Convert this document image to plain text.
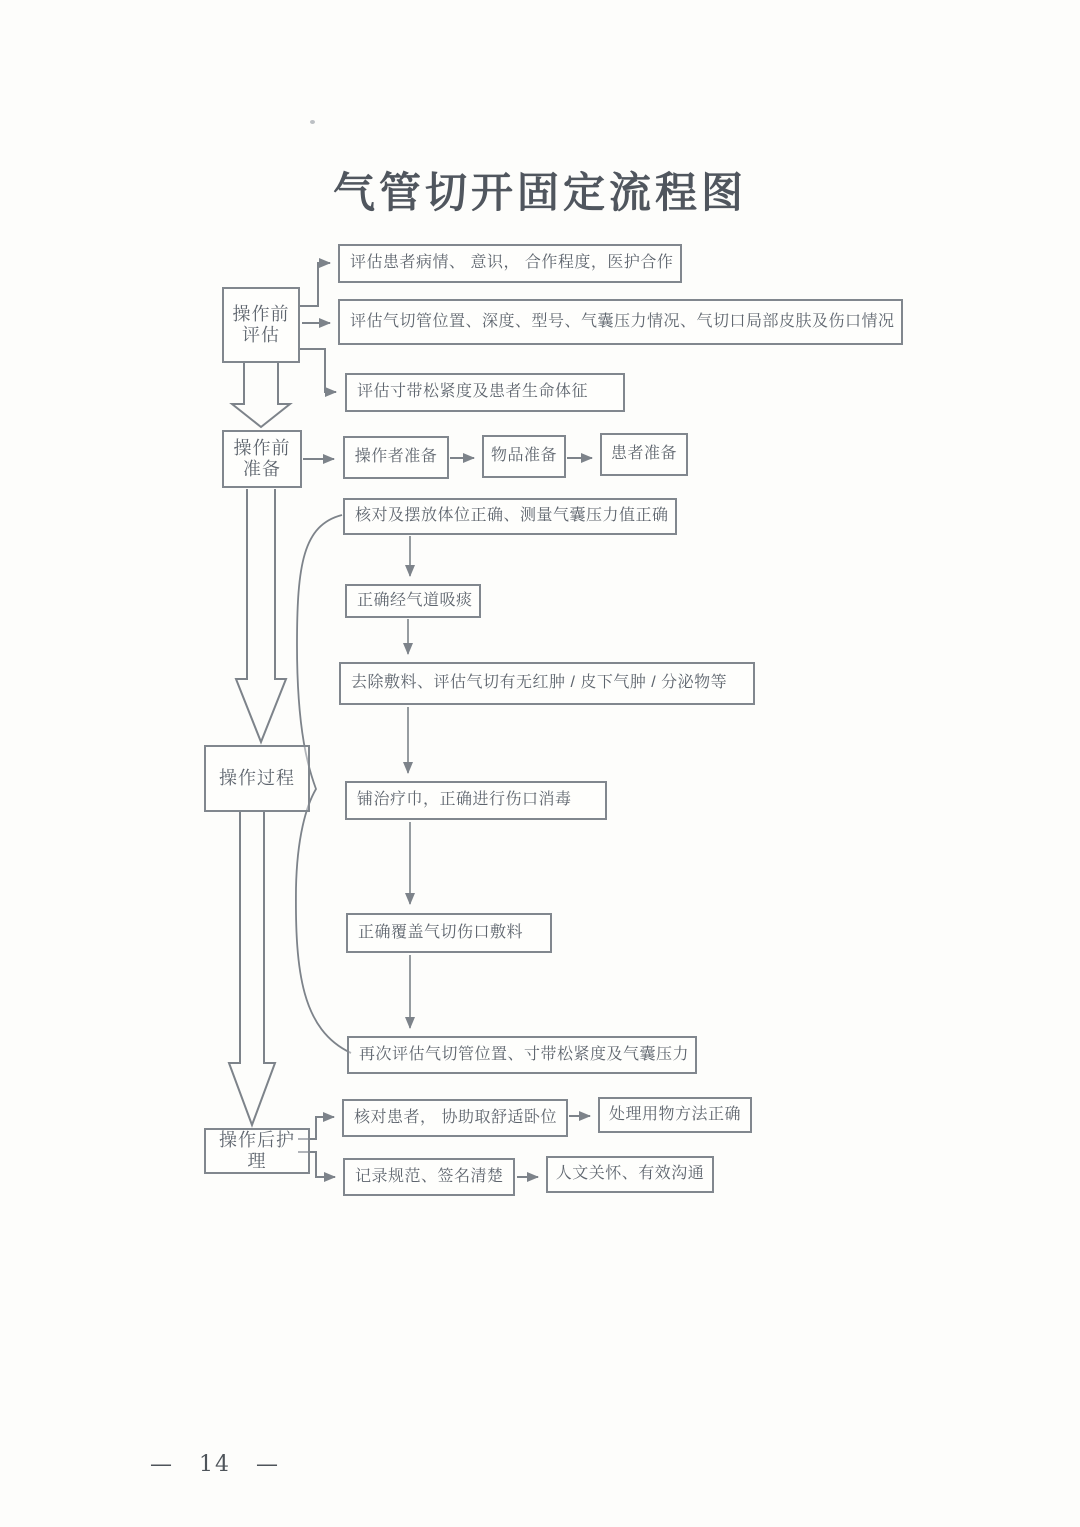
气管切开固定流程图
操作前
评估
评估患者病情、 意识， 合作程度，医护合作
评估气切管位置、深度、型号、气囊压力情况、气切口局部皮肤及伤口情况
评估寸带松紧度及患者生命体征
操作前
准备
操作者准备	物品准备	患者准备
操作过程
核对及摆放体位正确、测量气囊压力值正确
正确经气道吸痰
去除敷料、评估气切有无红肿 / 皮下气肿 / 分泌物等
铺治疗巾，正确进行伤口消毒
正确覆盖气切伤口敷料
再次评估气切管位置、寸带松紧度及气囊压力
操作后护理
核对患者， 协助取舒适卧位	处理用物方法正确
记录规范、签名清楚	人文关怀、有效沟通
— 14 —
